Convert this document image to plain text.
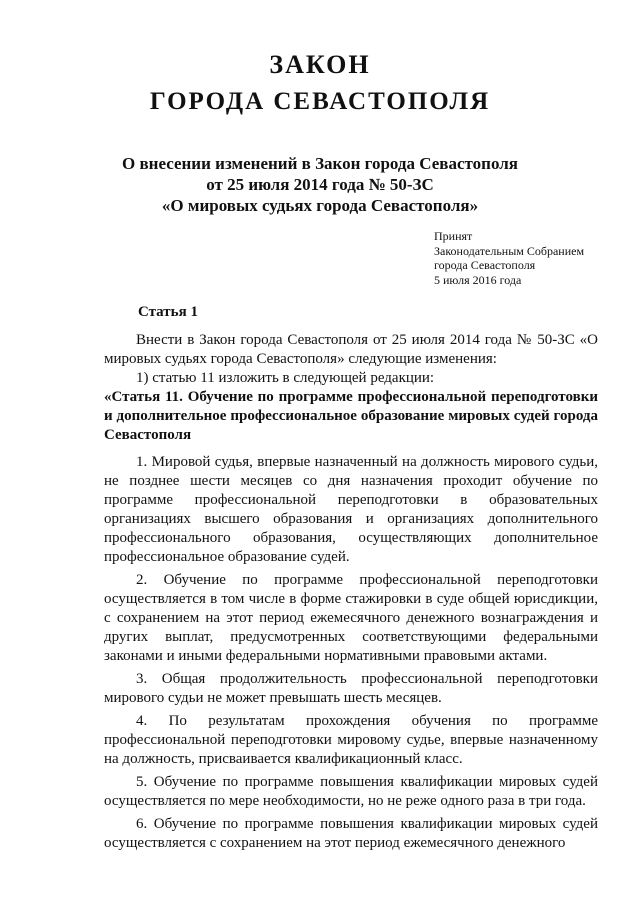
ЗАКОН
ГОРОДА СЕВАСТОПОЛЯ
О внесении изменений в Закон города Севастополя
от 25 июля 2014 года № 50-ЗС
«О мировых судьях города Севастополя»
Принят
Законодательным Собранием
города Севастополя
5 июля 2016 года
Статья 1

Внести в Закон города Севастополя от 25 июля 2014 года № 50-ЗС «О мировых судьях города Севастополя» следующие изменения:

1) статью 11 изложить в следующей редакции:

«Статья 11. Обучение по программе профессиональной переподготовки и дополнительное профессиональное образование мировых судей города Севастополя

1. Мировой судья, впервые назначенный на должность мирового судьи, не позднее шести месяцев со дня назначения проходит обучение по программе профессиональной переподготовки в образовательных организациях высшего образования и организациях дополнительного профессионального образования, осуществляющих дополнительное профессиональное образование судей.

2. Обучение по программе профессиональной переподготовки осуществляется в том числе в форме стажировки в суде общей юрисдикции, с сохранением на этот период ежемесячного денежного вознаграждения и других выплат, предусмотренных соответствующими федеральными законами и иными федеральными нормативными правовыми актами.

3. Общая продолжительность профессиональной переподготовки мирового судьи не может превышать шесть месяцев.

4. По результатам прохождения обучения по программе профессиональной переподготовки мировому судье, впервые назначенному на должность, присваивается квалификационный класс.

5. Обучение по программе повышения квалификации мировых судей осуществляется по мере необходимости, но не реже одного раза в три года.

6. Обучение по программе повышения квалификации мировых судей осуществляется с сохранением на этот период ежемесячного денежного
